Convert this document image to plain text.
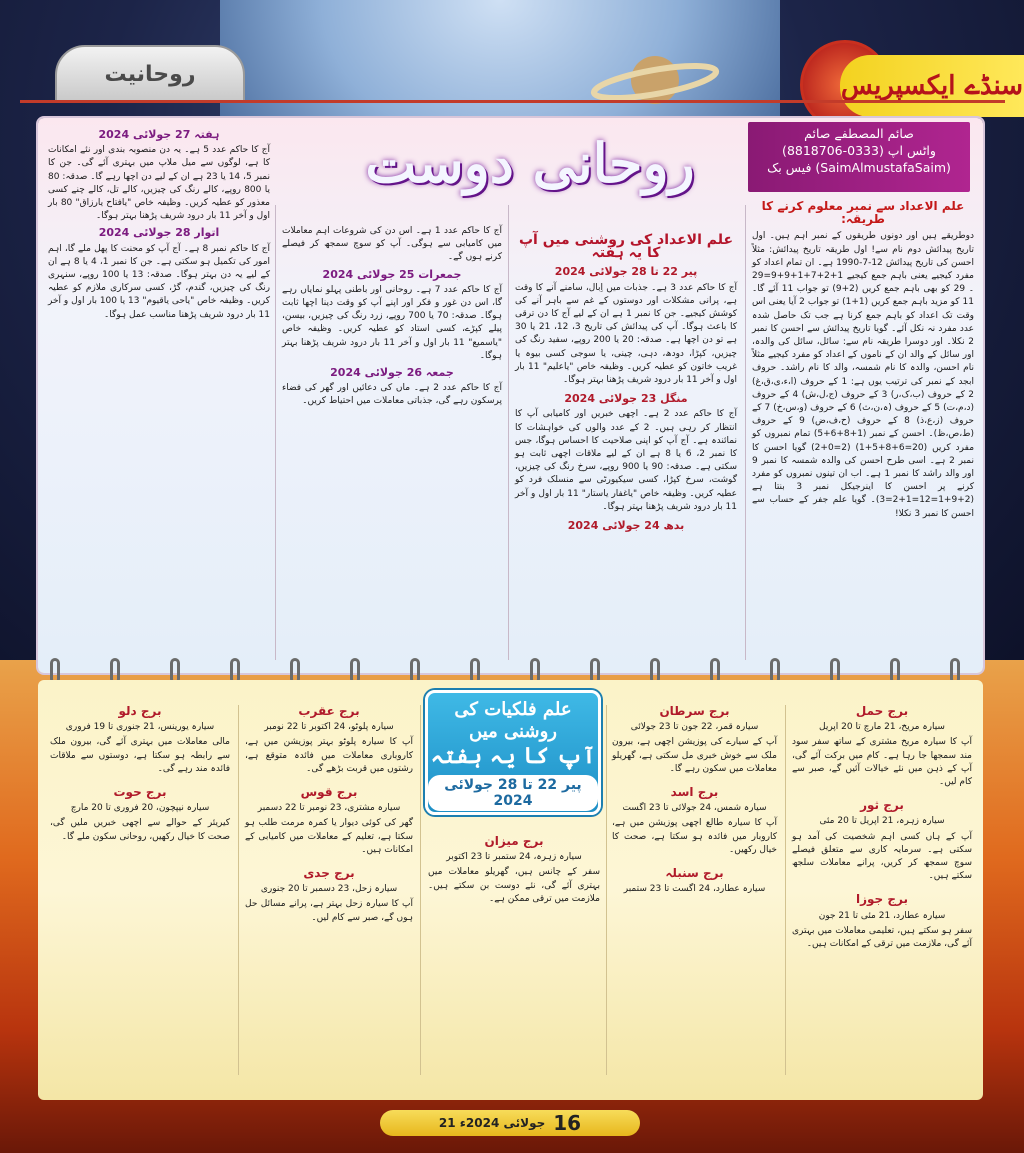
سنڈے ایکسپریس
روحانیت
روحانی دوست	صائم المصطفے صائم
واٹس اپ (0333-8818706)
فیس بک (SaimAlmustafaSaim)
علم الاعداد سے نمبر معلوم کرنے کا طریقہ:

دوطریقے ہیں اور دونوں طریقوں کے نمبر اہم ہیں۔ اول تاریخ پیدائش دوم نام سے! اول طریقہ تاریخ پیدائش: مثلاً احسن کی تاریخ پیدائش 12-7-1990 ہے۔ ان تمام اعداد کو مفرد کیجیے یعنی باہم جمع کیجیے 1+2+7+1+9+9=29 ۔ 29 کو بھی باہم جمع کریں (2+9) تو جواب 11 آئے گا۔ 11 کو مزید باہم جمع کریں (1+1) تو جواب 2 آیا یعنی اس وقت تک اعداد کو باہم جمع کرنا ہے جب تک حاصل شدہ عدد مفرد نہ نکل آئے۔ گویا تاریخ پیدائش سے احسن کا نمبر 2 نکلا۔ اور دوسرا طریقہ نام سے: سائل، سائل کی والدہ، اور سائل کے والد ان کے ناموں کے اعداد کو مفرد کیجیے مثلاً نام احسن، والدہ کا نام شمسہ، والد کا نام راشد۔ حروف ابجد کے نمبر کی ترتیب یوں ہے: 1 کے حروف (ا،ء،ی،ق،غ) 2 کے حروف (ب،ک،ر) 3 کے حروف (ج،ل،ش) 4 کے حروف (د،م،ت) 5 کے حروف (ہ،ن،ث) 6 کے حروف (و،س،خ) 7 کے حروف (ز،ع،ذ) 8 کے حروف (ح،ف،ض) 9 کے حروف (ط،ص،ظ)۔ احسن کے نمبر (1+8+6+5) تمام نمبروں کو مفرد کریں (20=6+8+5+1) (2=0+2) گویا احسن کا نمبر 2 ہے۔ اسی طرح احسن کی والدہ شمسہ کا نمبر 9 اور والد راشد کا نمبر 1 ہے۔ اب ان تینوں نمبروں کو مفرد کرنے پر احسن کا اینرجیکل نمبر 3 بنتا ہے (2+9+1=12=1+2=3)۔ گویا علم جفر کے حساب سے احسن کا نمبر 3 نکلا!

علم الاعداد کی روشنی میں آپ کا یہ ہفتہ
پیر 22 تا 28 جولائی 2024

آج کا حاکم عدد 3 ہے۔ جذبات میں اِبال، سامنے آنے کا وقت ہے، پرانی مشکلات اور دوستوں کے غم سے باہر آنے کی کوشش کیجیے۔ جن کا نمبر 1 ہے ان کے لیے آج کا دن ترقی کا باعث ہوگا۔ آپ کی پیدائش کی تاریخ 3، 12، 21 یا 30 ہے تو دن اچھا ہے۔ صدقہ: 20 یا 200 روپے، سفید رنگ کی چیزیں، کپڑا، دودھ، دہی، چینی، یا سوجی کسی بیوہ یا غریب خاتون کو عطیہ کریں۔ وظیفہ خاص "یاعلیم" 11 بار اول و آخر 11 بار درود شریف پڑھنا بہتر ہوگا۔

منگل 23 جولائی 2024

آج کا حاکم عدد 2 ہے۔ اچھی خبریں اور کامیابی آپ کا انتظار کر رہی ہیں۔ 2 کے عدد والوں کی خواہشات کا نمائندہ ہے۔ آج آپ کو اپنی صلاحیت کا احساس ہوگا، جس کا نمبر 2، 6 یا 8 ہے ان کے لیے ملاقات اچھی ثابت ہو سکتی ہے۔ صدقہ: 90 یا 900 روپے، سرخ رنگ کی چیزیں، گوشت، سرخ کپڑا، کسی سیکیورٹی سے منسلک فرد کو عطیہ کریں۔ وظیفہ خاص "یاغفار یاستار" 11 بار اول و آخر 11 بار درود شریف پڑھنا بہتر ہوگا۔

بدھ 24 جولائی 2024

آج کا حاکم عدد 1 ہے۔ اس دن کی شروعات اہم معاملات میں کامیابی سے ہوگی۔ آپ کو سوچ سمجھ کر فیصلے کرنے ہوں گے۔

جمعرات 25 جولائی 2024

آج کا حاکم عدد 7 ہے۔ روحانی اور باطنی پہلو نمایاں رہے گا، اس دن غور و فکر اور اپنے آپ کو وقت دینا اچھا ثابت ہوگا۔ صدقہ: 70 یا 700 روپے، زرد رنگ کی چیزیں، بیسن، پیلے کپڑے، کسی استاد کو عطیہ کریں۔ وظیفہ خاص "یاسمیع" 11 بار اول و آخر 11 بار درود شریف پڑھنا بہتر ہوگا۔

جمعہ 26 جولائی 2024

آج کا حاکم عدد 2 ہے۔ ماں کی دعائیں اور گھر کی فضاء پرسکون رہے گی، جذباتی معاملات میں احتیاط کریں۔

ہفتہ 27 جولائی 2024

آج کا حاکم عدد 5 ہے۔ یہ دن منصوبہ بندی اور نئے امکانات کا ہے، لوگوں سے میل ملاپ میں بہتری آئے گی۔ جن کا نمبر 5، 14 یا 23 ہے ان کے لیے دن اچھا رہے گا۔ صدقہ: 80 یا 800 روپے، کالے رنگ کی چیزیں، کالے تل، کالے چنے کسی معذور کو عطیہ کریں۔ وظیفہ خاص "یافتاح یارزاق" 80 بار اول و آخر 11 بار درود شریف پڑھنا بہتر ہوگا۔

اتوار 28 جولائی 2024

آج کا حاکم نمبر 8 ہے۔ آج آپ کو محنت کا پھل ملے گا، اہم امور کی تکمیل ہو سکتی ہے۔ جن کا نمبر 1، 4 یا 8 ہے ان کے لیے یہ دن بہتر ہوگا۔ صدقہ: 13 یا 100 روپے، سنہری رنگ کی چیزیں، گندم، گڑ، کسی سرکاری ملازم کو عطیہ کریں۔ وظیفہ خاص "یاحی یاقیوم" 13 یا 100 بار اول و آخر 11 بار درود شریف پڑھنا مناسب عمل ہوگا۔

علم فلکیات کی روشنی میں
آپ کا یہ ہفتہ
پیر 22 تا 28 جولائی 2024
برج حمل
سیارہ مریخ، 21 مارچ تا 20 اپریل

آپ کا سیارہ مریخ مشتری کے ساتھ سفر سود مند سمجھا جا رہا ہے۔ کام میں برکت آئے گی، آپ کے ذہن میں نئے خیالات آئیں گے، صبر سے کام لیں۔

برج ثور
سیارہ زہرہ، 21 اپریل تا 20 مئی

آپ کے ہاں کسی اہم شخصیت کی آمد ہو سکتی ہے۔ سرمایہ کاری سے متعلق فیصلے سوچ سمجھ کر کریں، پرانے معاملات سلجھ سکتے ہیں۔

برج جوزا
سیارہ عطارد، 21 مئی تا 21 جون

سفر ہو سکتے ہیں، تعلیمی معاملات میں بہتری آئے گی، ملازمت میں ترقی کے امکانات ہیں۔

برج سرطان
سیارہ قمر، 22 جون تا 23 جولائی

آپ کے سیارے کی پوزیشن اچھی ہے، بیرون ملک سے خوش خبری مل سکتی ہے، گھریلو معاملات میں سکون رہے گا۔

برج اسد
سیارہ شمس، 24 جولائی تا 23 اگست

آپ کا سیارہ طالع اچھی پوزیشن میں ہے، کاروبار میں فائدہ ہو سکتا ہے، صحت کا خیال رکھیں۔

برج سنبلہ
سیارہ عطارد، 24 اگست تا 23 ستمبر
برج میزان
سیارہ زہرہ، 24 ستمبر تا 23 اکتوبر

سفر کے چانس ہیں، گھریلو معاملات میں بہتری آئے گی، نئے دوست بن سکتے ہیں۔ ملازمت میں ترقی ممکن ہے۔

برج عقرب
سیارہ پلوٹو، 24 اکتوبر تا 22 نومبر

آپ کا سیارہ پلوٹو بہتر پوزیشن میں ہے، کاروباری معاملات میں فائدہ متوقع ہے، رشتوں میں قربت بڑھے گی۔

برج قوس
سیارہ مشتری، 23 نومبر تا 22 دسمبر

گھر کی کوئی دیوار یا کمرہ مرمت طلب ہو سکتا ہے، تعلیم کے معاملات میں کامیابی کے امکانات ہیں۔

برج جدی
سیارہ زحل، 23 دسمبر تا 20 جنوری

آپ کا سیارہ زحل بہتر ہے، پرانے مسائل حل ہوں گے، صبر سے کام لیں۔

برج دلو
سیارہ یورینس، 21 جنوری تا 19 فروری

مالی معاملات میں بہتری آئے گی، بیرون ملک سے رابطہ ہو سکتا ہے، دوستوں سے ملاقات فائدہ مند رہے گی۔

برج حوت
سیارہ نیپچون، 20 فروری تا 20 مارچ

کیریئر کے حوالے سے اچھی خبریں ملیں گی، صحت کا خیال رکھیں، روحانی سکون ملے گا۔

21 جولائی 2024ء 16
